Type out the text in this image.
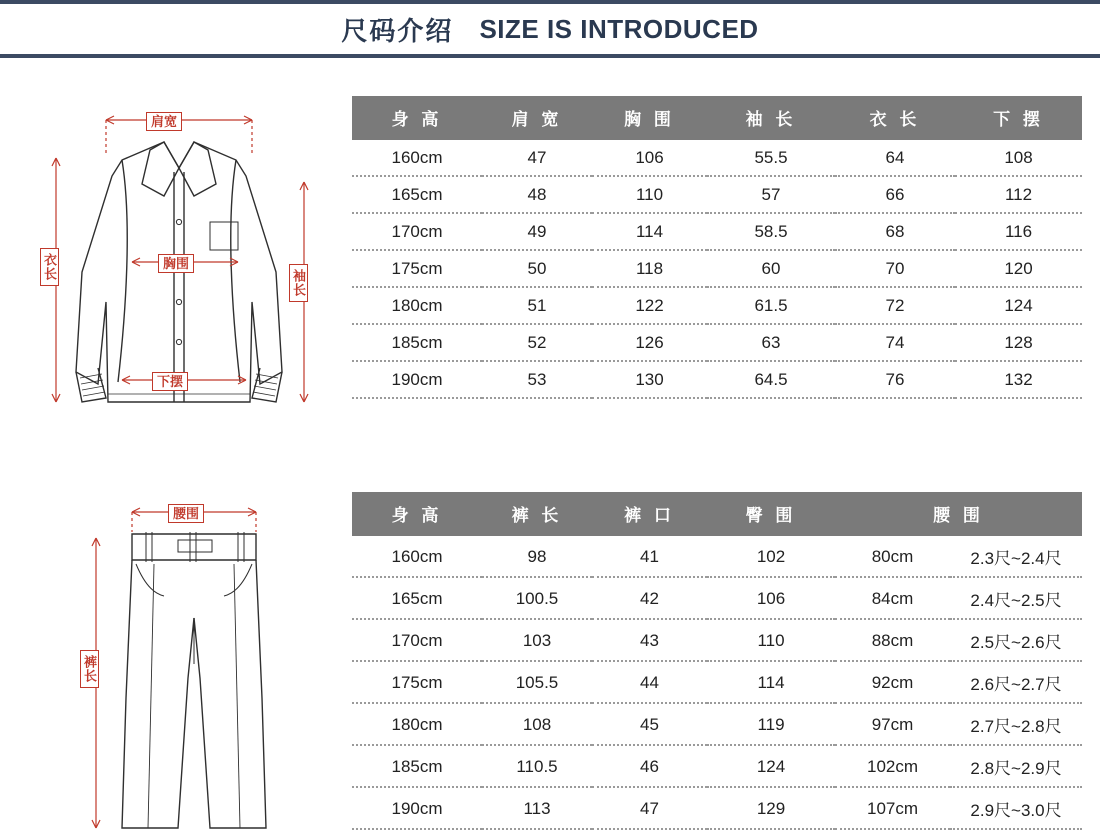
尺码介绍 SIZE IS INTRODUCED
肩宽
胸围
下摆
衣长
袖长
腰围
裤长
身 高	肩 宽	胸 围	袖 长	衣 长	下 摆
160cm	47	106	55.5	64	108
165cm	48	110	57	66	112
170cm	49	114	58.5	68	116
175cm	50	118	60	70	120
180cm	51	122	61.5	72	124
185cm	52	126	63	74	128
190cm	53	130	64.5	76	132
身 高	裤 长	裤 口	臀 围	腰 围	
160cm	98	41	102	80cm	2.3尺~2.4尺
165cm	100.5	42	106	84cm	2.4尺~2.5尺
170cm	103	43	110	88cm	2.5尺~2.6尺
175cm	105.5	44	114	92cm	2.6尺~2.7尺
180cm	108	45	119	97cm	2.7尺~2.8尺
185cm	110.5	46	124	102cm	2.8尺~2.9尺
190cm	113	47	129	107cm	2.9尺~3.0尺
